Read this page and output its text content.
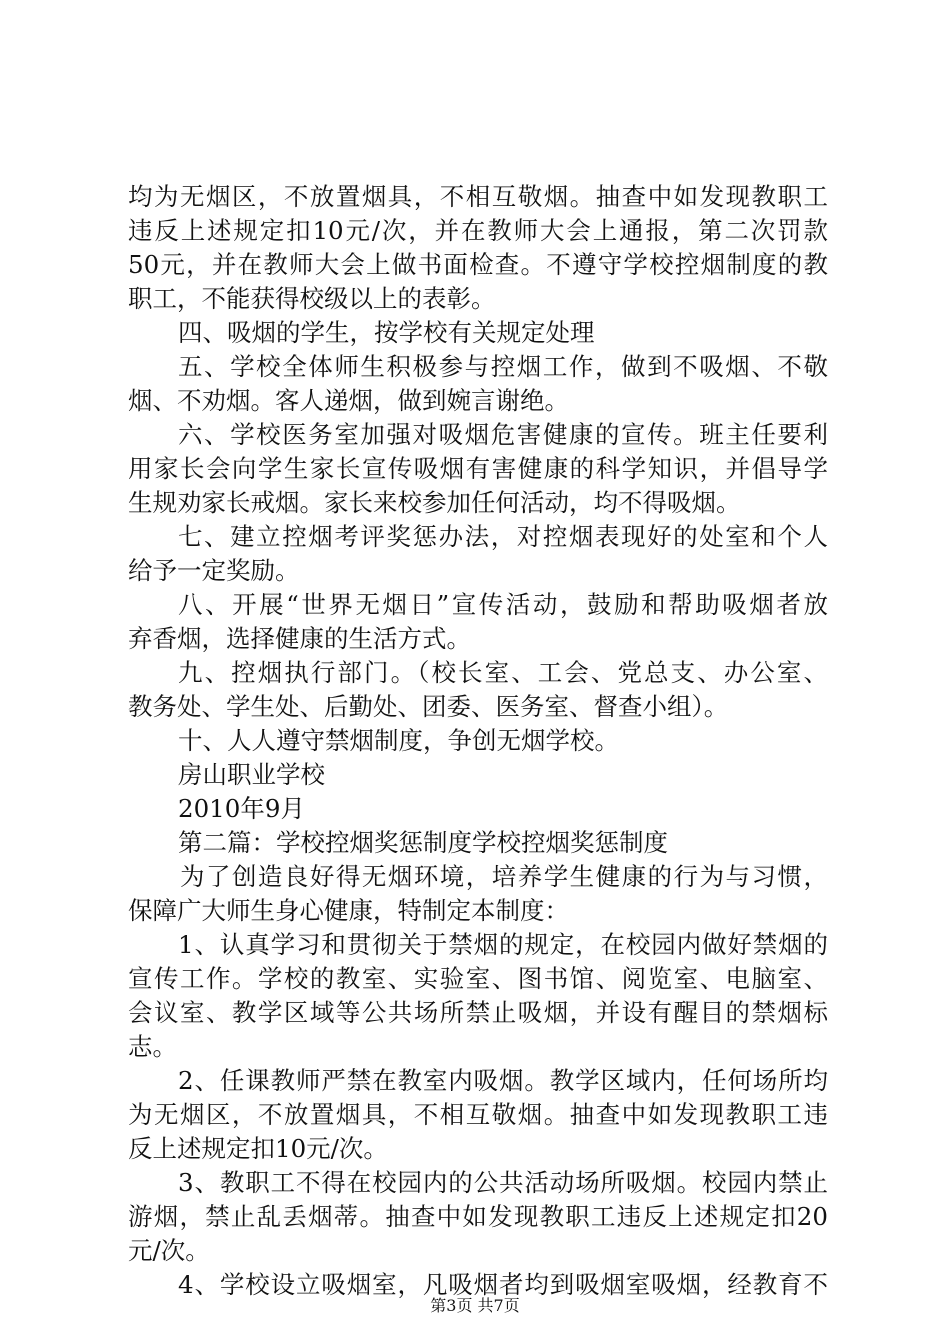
均为无烟区，不放置烟具，不相互敬烟。抽查中如发现教职工
违反上述规定扣10元/次，并在教师大会上通报，第二次罚款
50元，并在教师大会上做书面检查。不遵守学校控烟制度的教
职工，不能获得校级以上的表彰。
四、吸烟的学生，按学校有关规定处理
五、学校全体师生积极参与控烟工作，做到不吸烟、不敬
烟、不劝烟。客人递烟，做到婉言谢绝。
六、学校医务室加强对吸烟危害健康的宣传。班主任要利
用家长会向学生家长宣传吸烟有害健康的科学知识，并倡导学
生规劝家长戒烟。家长来校参加任何活动，均不得吸烟。
七、建立控烟考评奖惩办法，对控烟表现好的处室和个人
给予一定奖励。
八、开展“世界无烟日”宣传活动，鼓励和帮助吸烟者放
弃香烟，选择健康的生活方式。
九、控烟执行部门。（校长室、工会、党总支、办公室、
教务处、学生处、后勤处、团委、医务室、督查小组）。
十、人人遵守禁烟制度，争创无烟学校。
房山职业学校
2010年9月
第二篇：学校控烟奖惩制度学校控烟奖惩制度
为了创造良好得无烟环境，培养学生健康的行为与习惯，
保障广大师生身心健康，特制定本制度：
1、认真学习和贯彻关于禁烟的规定，在校园内做好禁烟的
宣传工作。学校的教室、实验室、图书馆、阅览室、电脑室、
会议室、教学区域等公共场所禁止吸烟，并设有醒目的禁烟标
志。
2、任课教师严禁在教室内吸烟。教学区域内，任何场所均
为无烟区，不放置烟具，不相互敬烟。抽查中如发现教职工违
反上述规定扣10元/次。
3、教职工不得在校园内的公共活动场所吸烟。校园内禁止
游烟，禁止乱丢烟蒂。抽查中如发现教职工违反上述规定扣20
元/次。
4、学校设立吸烟室，凡吸烟者均到吸烟室吸烟，经教育不
第3页 共7页
